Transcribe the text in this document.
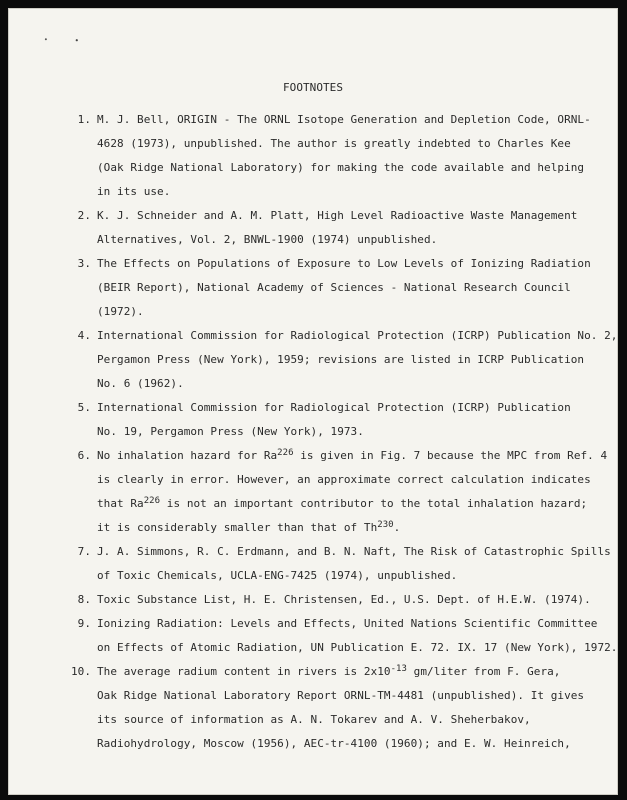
FOOTNOTES
1. M. J. Bell, ORIGIN - The ORNL Isotope Generation and Depletion Code, ORNL-
4628 (1973), unpublished. The author is greatly indebted to Charles Kee
(Oak Ridge National Laboratory) for making the code available and helping
in its use.
2. K. J. Schneider and A. M. Platt, High Level Radioactive Waste Management
Alternatives, Vol. 2, BNWL-1900 (1974) unpublished.
3. The Effects on Populations of Exposure to Low Levels of Ionizing Radiation
(BEIR Report), National Academy of Sciences - National Research Council
(1972).
4. International Commission for Radiological Protection (ICRP) Publication No. 2,
Pergamon Press (New York), 1959; revisions are listed in ICRP Publication
No. 6 (1962).
5. International Commission for Radiological Protection (ICRP) Publication
No. 19, Pergamon Press (New York), 1973.
6. No inhalation hazard for Ra$^{226}$ is given in Fig. 7 because the MPC from Ref. 4
is clearly in error. However, an approximate correct calculation indicates
that Ra$^{226}$ is not an important contributor to the total inhalation hazard;
it is considerably smaller than that of Th$^{230}$.
7. J. A. Simmons, R. C. Erdmann, and B. N. Naft, The Risk of Catastrophic Spills
of Toxic Chemicals, UCLA-ENG-7425 (1974), unpublished.
8. Toxic Substance List, H. E. Christensen, Ed., U.S. Dept. of H.E.W. (1974).
9. Ionizing Radiation: Levels and Effects, United Nations Scientific Committee
on Effects of Atomic Radiation, UN Publication E. 72. IX. 17 (New York), 1972.
10. The average radium content in rivers is $2x10^{-13}$ gm/liter from F. Gera,
Oak Ridge National Laboratory Report ORNL-TM-4481 (unpublished). It gives
its source of information as A. N. Tokarev and A. V. Sheherbakov,
Radiohydrology, Moscow (1956), AEC-tr-4100 (1960); and E. W. Heinreich,
